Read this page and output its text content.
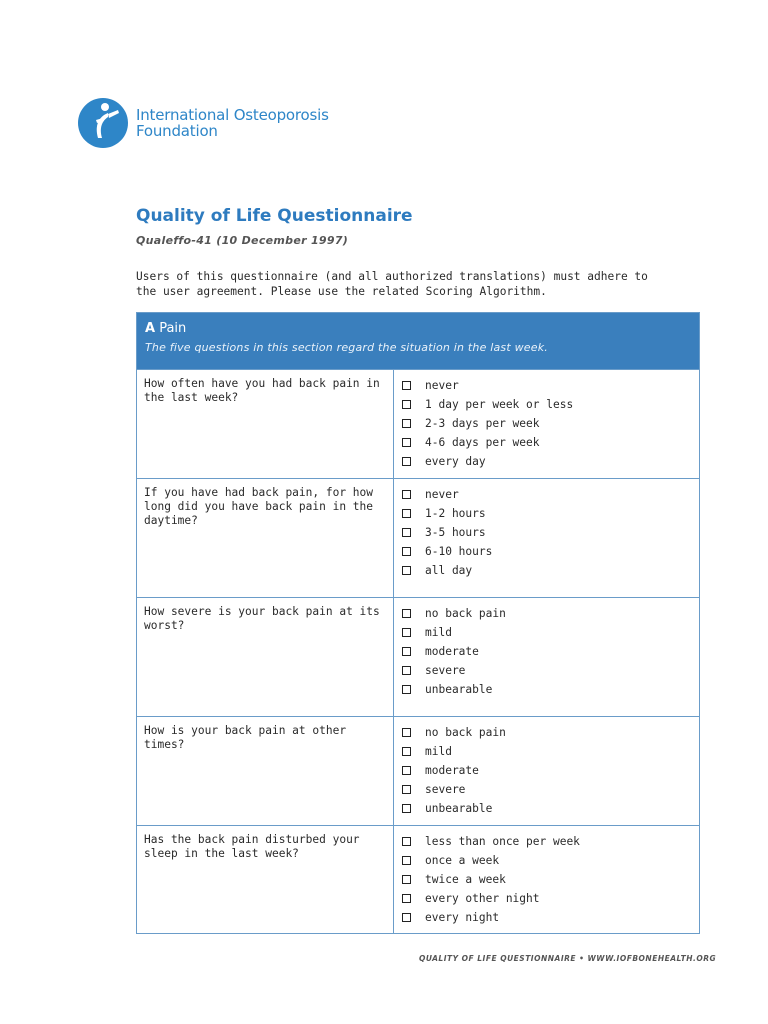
International Osteoporosis
Foundation
Quality of Life Questionnaire
Qualeffo-41 (10 December 1997)
Users of this questionnaire (and all authorized translations) must adhere to the user agreement. Please use the related Scoring Algorithm.
A Pain
The five questions in this section regard the situation in the last week.
How often have you had back pain in the last week?
never
1 day per week or less
2-3 days per week
4-6 days per week
every day
If you have had back pain, for how long did you have back pain in the daytime?
never
1-2 hours
3-5 hours
6-10 hours
all day
How severe is your back pain at its worst?
no back pain
mild
moderate
severe
unbearable
How is your back pain at other times?
no back pain
mild
moderate
severe
unbearable
Has the back pain disturbed your sleep in the last week?
less than once per week
once a week
twice a week
every other night
every night
QUALITY OF LIFE QUESTIONNAIRE • WWW.IOFBONEHEALTH.ORG
